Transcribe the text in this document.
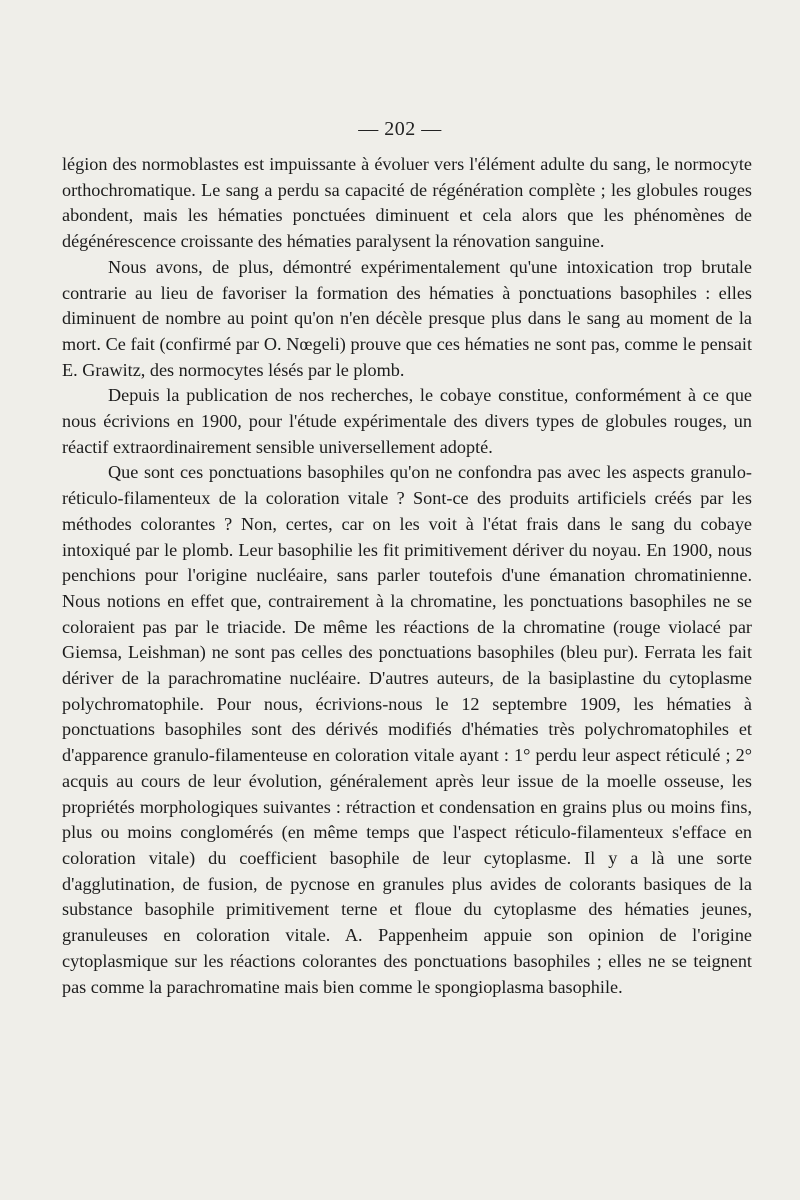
— 202 —

légion des normoblastes est impuissante à évoluer vers l'élément adulte du sang, le normocyte orthochromatique. Le sang a perdu sa capacité de régénération complète ; les globules rouges abondent, mais les hématies ponctuées diminuent et cela alors que les phénomènes de dégénérescence croissante des hématies paralysent la rénovation sanguine.

Nous avons, de plus, démontré expérimentalement qu'une intoxication trop brutale contrarie au lieu de favoriser la formation des hématies à ponctuations basophiles : elles diminuent de nombre au point qu'on n'en décèle presque plus dans le sang au moment de la mort. Ce fait (confirmé par O. Nœgeli) prouve que ces hématies ne sont pas, comme le pensait E. Grawitz, des normocytes lésés par le plomb.

Depuis la publication de nos recherches, le cobaye constitue, conformément à ce que nous écrivions en 1900, pour l'étude expérimentale des divers types de globules rouges, un réactif extraordinairement sensible universellement adopté.

Que sont ces ponctuations basophiles qu'on ne confondra pas avec les aspects granulo-réticulo-filamenteux de la coloration vitale ? Sont-ce des produits artificiels créés par les méthodes colorantes ? Non, certes, car on les voit à l'état frais dans le sang du cobaye intoxiqué par le plomb. Leur basophilie les fit primitivement dériver du noyau. En 1900, nous penchions pour l'origine nucléaire, sans parler toutefois d'une émanation chromatinienne. Nous notions en effet que, contrairement à la chromatine, les ponctuations basophiles ne se coloraient pas par le triacide. De même les réactions de la chromatine (rouge violacé par Giemsa, Leishman) ne sont pas celles des ponctuations basophiles (bleu pur). Ferrata les fait dériver de la parachromatine nucléaire. D'autres auteurs, de la basiplastine du cytoplasme polychromatophile. Pour nous, écrivions-nous le 12 septembre 1909, les hématies à ponctuations basophiles sont des dérivés modifiés d'hématies très polychromatophiles et d'apparence granulo-filamenteuse en coloration vitale ayant : 1° perdu leur aspect réticulé ; 2° acquis au cours de leur évolution, généralement après leur issue de la moelle osseuse, les propriétés morphologiques suivantes : rétraction et condensation en grains plus ou moins fins, plus ou moins conglomérés (en même temps que l'aspect réticulo-filamenteux s'efface en coloration vitale) du coefficient basophile de leur cytoplasme. Il y a là une sorte d'agglutination, de fusion, de pycnose en granules plus avides de colorants basiques de la substance basophile primitivement terne et floue du cytoplasme des hématies jeunes, granuleuses en coloration vitale. A. Pappenheim appuie son opinion de l'origine cytoplasmique sur les réactions colorantes des ponctuations basophiles ; elles ne se teignent pas comme la parachromatine mais bien comme le spongioplasma basophile.
